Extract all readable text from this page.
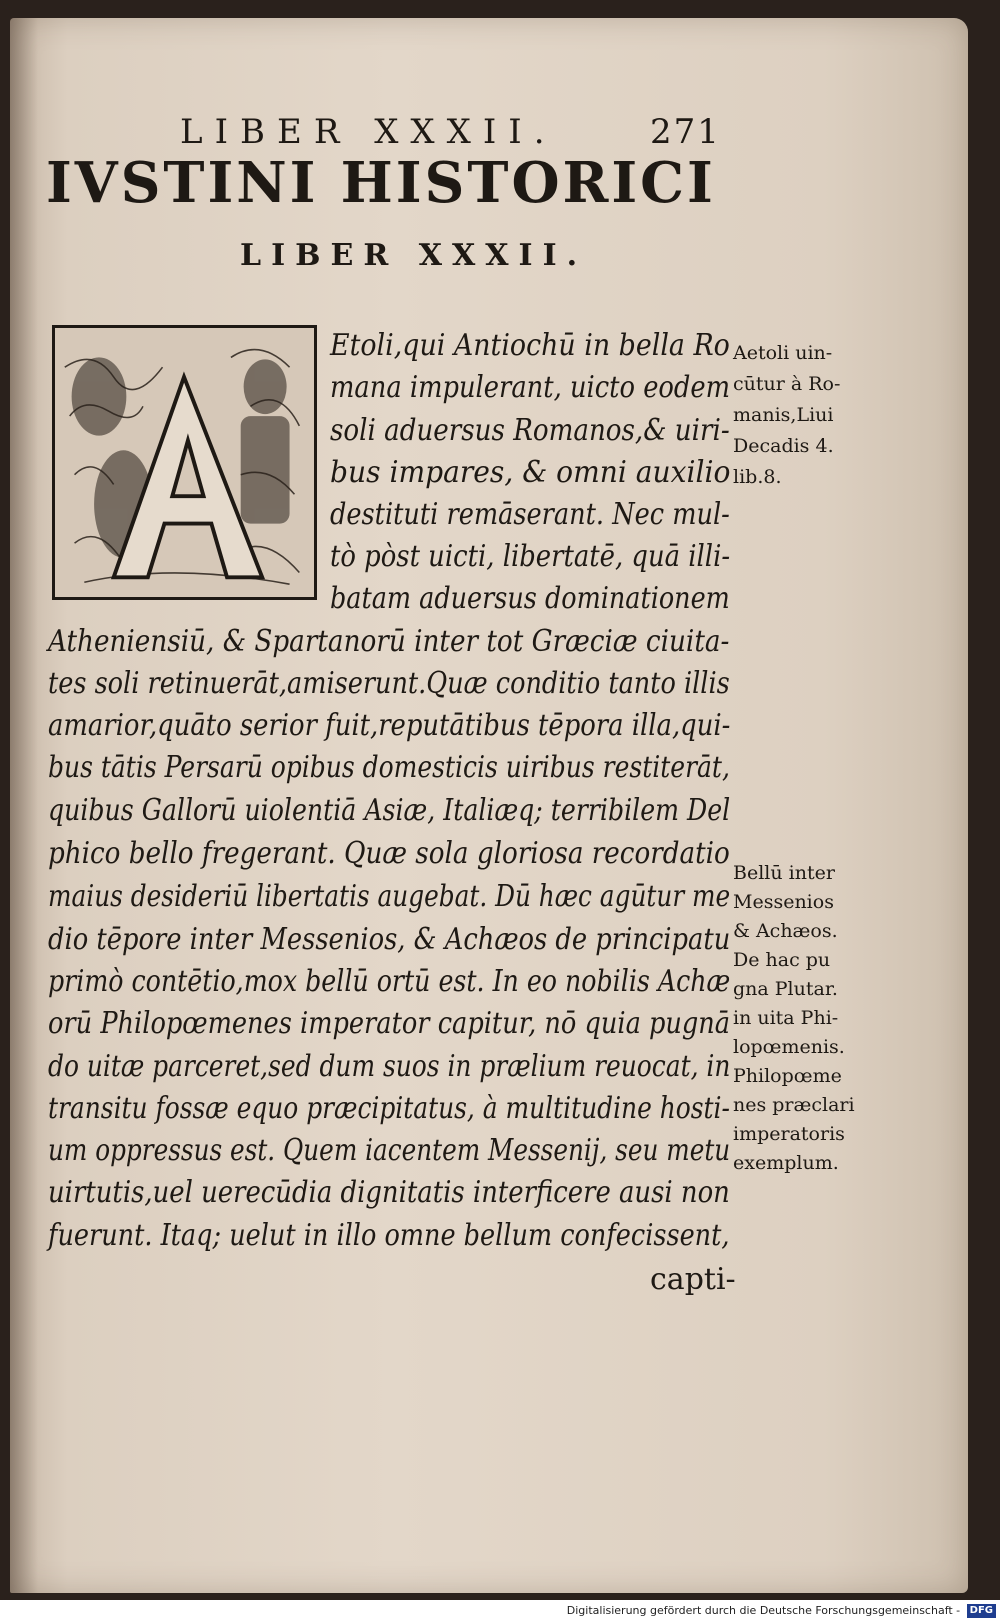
LIBER XXXII.	271
IVSTINI HISTORICI
LIBER XXXII.
Etoli,qui Antiochū in bella Ro
mana impulerant, uicto eodem
soli aduersus Romanos,& uiri-
bus impares, & omni auxilio
destituti remāserant. Nec mul-
tò pòst uicti, libertatē, quā illi-
batam aduersus dominationem
Atheniensiū, & Spartanorū inter tot Græciæ ciuita-
tes soli retinuerāt,amiserunt.Quæ conditio tanto illis
amarior,quāto serior fuit,reputātibus tēpora illa,qui-
bus tātis Persarū opibus domesticis uiribus restiterāt,
quibus Gallorū uiolentiā Asiæ, Italiæq; terribilem Del
phico bello fregerant. Quæ sola gloriosa recordatio
maius desideriū libertatis augebat. Dū hæc agūtur me
dio tēpore inter Messenios, & Achæos de principatu
primò contētio,mox bellū ortū est. In eo nobilis Achæ
orū Philopœmenes imperator capitur, nō quia pugnā
do uitæ parceret,sed dum suos in prælium reuocat, in
transitu fossæ equo præcipitatus, à multitudine hosti-
um oppressus est. Quem iacentem Messenij, seu metu
uirtutis,uel uerecūdia dignitatis interficere ausi non
fuerunt. Itaq; uelut in illo omne bellum confecissent,
capti-
Aetoli uin-
cūtur à Ro-
manis,Liui
Decadis 4.
lib.8.
Bellū inter
Messenios
& Achæos.
De hac pu
gna Plutar.
in uita Phi-
lopœmenis.
Philopœme
nes præclari
imperatoris
exemplum.
Digitalisierung gefördert durch die Deutsche Forschungsgemeinschaft - DFG
